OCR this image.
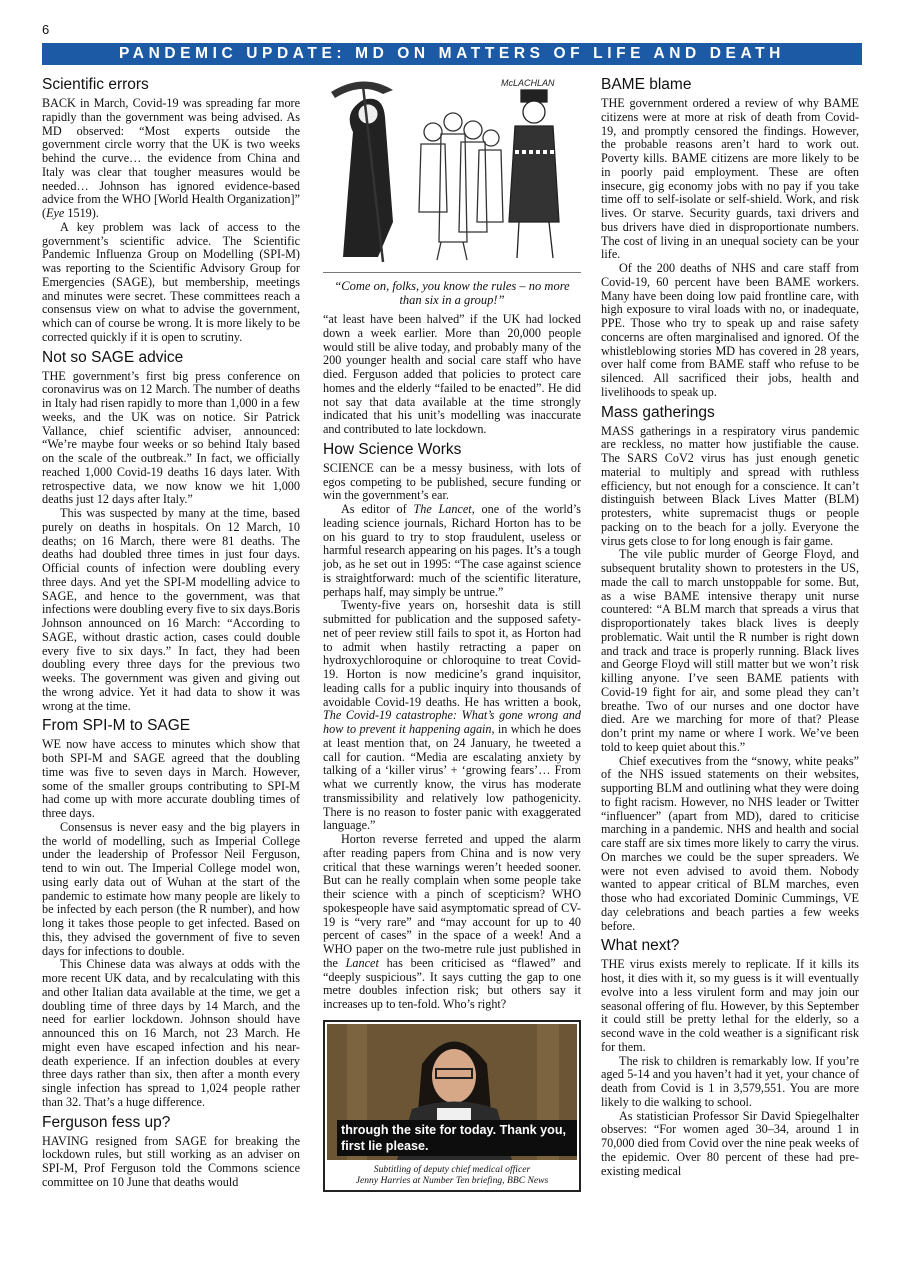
6
PANDEMIC UPDATE: MD ON MATTERS OF LIFE AND DEATH
Scientific errors

BACK in March, Covid-19 was spreading far more rapidly than the government was being advised. As MD observed: “Most experts outside the government circle worry that the UK is two weeks behind the curve… the evidence from China and Italy was clear that tougher measures would be needed… Johnson has ignored evidence-based advice from the WHO [World Health Organization]” (Eye 1519).

A key problem was lack of access to the government’s scientific advice. The Scientific Pandemic Influenza Group on Modelling (SPI-M) was reporting to the Scientific Advisory Group for Emergencies (SAGE), but membership, meetings and minutes were secret. These committees reach a consensus view on what to advise the government, which can of course be wrong. It is more likely to be corrected quickly if it is open to scrutiny.

Not so SAGE advice

THE government’s first big press conference on coronavirus was on 12 March. The number of deaths in Italy had risen rapidly to more than 1,000 in a few weeks, and the UK was on notice. Sir Patrick Vallance, chief scientific adviser, announced: “We’re maybe four weeks or so behind Italy based on the scale of the outbreak.” In fact, we officially reached 1,000 Covid-19 deaths 16 days later. With retrospective data, we now know we hit 1,000 deaths just 12 days after Italy.”

This was suspected by many at the time, based purely on deaths in hospitals. On 12 March, 10 deaths; on 16 March, there were 81 deaths. The deaths had doubled three times in just four days. Official counts of infection were doubling every three days. And yet the SPI-M modelling advice to SAGE, and hence to the government, was that infections were doubling every five to six days.Boris Johnson announced on 16 March: “According to SAGE, without drastic action, cases could double every five to six days.” In fact, they had been doubling every three days for the previous two weeks. The government was given and giving out the wrong advice. Yet it had data to show it was wrong at the time.

From SPI-M to SAGE

WE now have access to minutes which show that both SPI-M and SAGE agreed that the doubling time was five to seven days in March. However, some of the smaller groups contributing to SPI-M had come up with more accurate doubling times of three days.

Consensus is never easy and the big players in the world of modelling, such as Imperial College under the leadership of Professor Neil Ferguson, tend to win out. The Imperial College model won, using early data out of Wuhan at the start of the pandemic to estimate how many people are likely to be infected by each person (the R number), and how long it takes those people to get infected. Based on this, they advised the government of five to seven days for infections to double.

This Chinese data was always at odds with the more recent UK data, and by recalculating with this and other Italian data available at the time, we get a doubling time of three days by 14 March, and the need for earlier lockdown. Johnson should have announced this on 16 March, not 23 March. He might even have escaped infection and his near-death experience. If an infection doubles at every three days rather than six, then after a month every single infection has spread to 1,024 people rather than 32. That’s a huge difference.

Ferguson fess up?

HAVING resigned from SAGE for breaking the lockdown rules, but still working as an adviser on SPI-M, Prof Ferguson told the Commons science committee on 10 June that deaths would

McLACHLAN
“Come on, folks, you know the rules – no more than six in a group!”

“at least have been halved” if the UK had locked down a week earlier. More than 20,000 people would still be alive today, and probably many of the 200 younger health and social care staff who have died. Ferguson added that policies to protect care homes and the elderly “failed to be enacted”. He did not say that data available at the time strongly indicated that his unit’s modelling was inaccurate and contributed to late lockdown.

How Science Works

SCIENCE can be a messy business, with lots of egos competing to be published, secure funding or win the government’s ear.

As editor of The Lancet, one of the world’s leading science journals, Richard Horton has to be on his guard to try to stop fraudulent, useless or harmful research appearing on his pages. It’s a tough job, as he set out in 1995: “The case against science is straightforward: much of the scientific literature, perhaps half, may simply be untrue.”

Twenty-five years on, horseshit data is still submitted for publication and the supposed safety-net of peer review still fails to spot it, as Horton had to admit when hastily retracting a paper on hydroxychloroquine or chloroquine to treat Covid-19. Horton is now medicine’s grand inquisitor, leading calls for a public inquiry into thousands of avoidable Covid-19 deaths. He has written a book, The Covid-19 catastrophe: What’s gone wrong and how to prevent it happening again, in which he does at least mention that, on 24 January, he tweeted a call for caution. “Media are escalating anxiety by talking of a ‘killer virus’ + ‘growing fears’… From what we currently know, the virus has moderate transmissibility and relatively low pathogenicity. There is no reason to foster panic with exaggerated language.”

Horton reverse ferreted and upped the alarm after reading papers from China and is now very critical that these warnings weren’t heeded sooner. But can he really complain when some people take their science with a pinch of scepticism? WHO spokespeople have said asymptomatic spread of CV-19 is “very rare” and “may account for up to 40 percent of cases” in the space of a week! And a WHO paper on the two-metre rule just published in the Lancet has been criticised as “flawed” and “deeply suspicious”. It says cutting the gap to one metre doubles infection risk; but others say it increases up to ten-fold. Who’s right?

through the site for today. Thank you, first lie please.
Subtitling of deputy chief medical officer
Jenny Harries at Number Ten briefing, BBC News
BAME blame

THE government ordered a review of why BAME citizens were at more at risk of death from Covid-19, and promptly censored the findings. However, the probable reasons aren’t hard to work out. Poverty kills. BAME citizens are more likely to be in poorly paid employment. These are often insecure, gig economy jobs with no pay if you take time off to self-isolate or self-shield. Work, and risk lives. Or starve. Security guards, taxi drivers and bus drivers have died in disproportionate numbers. The cost of living in an unequal society can be your life.

Of the 200 deaths of NHS and care staff from Covid-19, 60 percent have been BAME workers. Many have been doing low paid frontline care, with high exposure to viral loads with no, or inadequate, PPE. Those who try to speak up and raise safety concerns are often marginalised and ignored. Of the whistleblowing stories MD has covered in 28 years, over half come from BAME staff who refuse to be silenced. All sacrificed their jobs, health and livelihoods to speak up.

Mass gatherings

MASS gatherings in a respiratory virus pandemic are reckless, no matter how justifiable the cause. The SARS CoV2 virus has just enough genetic material to multiply and spread with ruthless efficiency, but not enough for a conscience. It can’t distinguish between Black Lives Matter (BLM) protesters, white supremacist thugs or people packing on to the beach for a jolly. Everyone the virus gets close to for long enough is fair game.

The vile public murder of George Floyd, and subsequent brutality shown to protesters in the US, made the call to march unstoppable for some. But, as a wise BAME intensive therapy unit nurse countered: “A BLM march that spreads a virus that disproportionately takes black lives is deeply problematic. Wait until the R number is right down and track and trace is properly running. Black lives and George Floyd will still matter but we won’t risk killing anyone. I’ve seen BAME patients with Covid-19 fight for air, and some plead they can’t breathe. Two of our nurses and one doctor have died. Are we marching for more of that? Please don’t print my name or where I work. We’ve been told to keep quiet about this.”

Chief executives from the “snowy, white peaks” of the NHS issued statements on their websites, supporting BLM and outlining what they were doing to fight racism. However, no NHS leader or Twitter “influencer” (apart from MD), dared to criticise marching in a pandemic. NHS and health and social care staff are six times more likely to carry the virus. On marches we could be the super spreaders. We were not even advised to avoid them. Nobody wanted to appear critical of BLM marches, even those who had excoriated Dominic Cummings, VE day celebrations and beach parties a few weeks before.

What next?

THE virus exists merely to replicate. If it kills its host, it dies with it, so my guess is it will eventually evolve into a less virulent form and may join our seasonal offering of flu. However, by this September it could still be pretty lethal for the elderly, so a second wave in the cold weather is a significant risk for them.

The risk to children is remarkably low. If you’re aged 5-14 and you haven’t had it yet, your chance of death from Covid is 1 in 3,579,551. You are more likely to die walking to school.

As statistician Professor Sir David Spiegelhalter observes: “For women aged 30–34, around 1 in 70,000 died from Covid over the nine peak weeks of the epidemic. Over 80 percent of these had pre-existing medical
